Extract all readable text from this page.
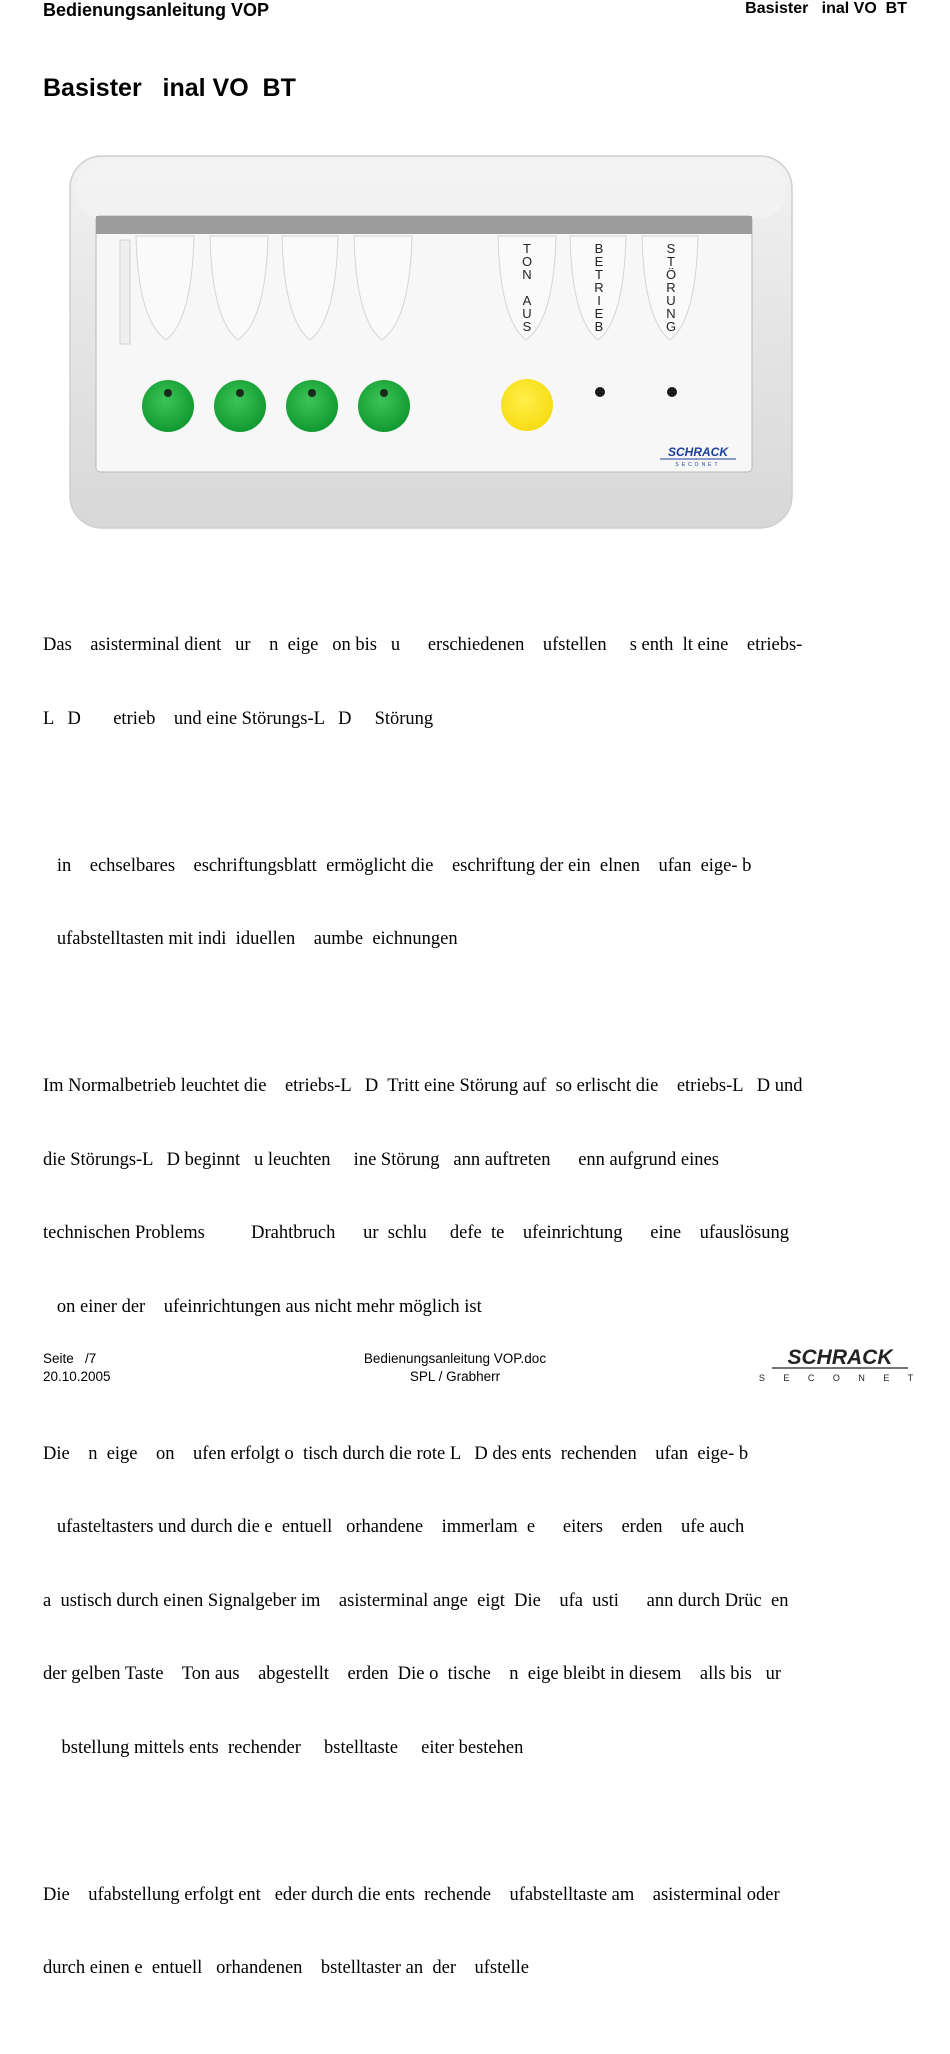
Bedienungsanleitung VOP	Basister   inal VO  BT
Basister   inal VO  BT
T
O
N
A
U
S
B
E
T
R
I
E
B
S
T
Ö
R
U
N
G
SCHRACK
SECONET

Das    asisterminal dient   ur    n  eige   on bis   u      erschiedenen    ufstellen     s enth  lt eine    etriebs-

L   D       etrieb    und eine Störungs-L   D     Störung

in    echselbares    eschriftungsblatt  ermöglicht die    eschriftung der ein  elnen    ufan  eige- b

ufabstelltasten mit indi  iduellen    aumbe  eichnungen

Im Normalbetrieb leuchtet die    etriebs-L   D  Tritt eine Störung auf  so erlischt die    etriebs-L   D und

die Störungs-L   D beginnt   u leuchten     ine Störung   ann auftreten      enn aufgrund eines

technischen Problems          Drahtbruch      ur  schlu     defe  te    ufeinrichtung      eine    ufauslösung

on einer der    ufeinrichtungen aus nicht mehr möglich ist

Die    n  eige    on    ufen erfolgt o  tisch durch die rote L   D des ents  rechenden    ufan  eige- b

ufasteltasters und durch die e  entuell   orhandene    immerlam  e      eiters    erden    ufe auch

a  ustisch durch einen Signalgeber im    asisterminal ange  eigt  Die    ufa  usti      ann durch Drüc  en

der gelben Taste    Ton aus    abgestellt    erden  Die o  tische    n  eige bleibt in diesem    alls bis   ur

bstellung mittels ents  rechender     bstelltaste     eiter bestehen

Die    ufabstellung erfolgt ent   eder durch die ents  rechende    ufabstelltaste am    asisterminal oder

durch einen e  entuell   orhandenen    bstelltaster an  der    ufstelle

Seite   /7
20.10.2005
Bedienungsanleitung VOP.doc
SPL / Grabherr
SCHRACK
S E C O N E T
